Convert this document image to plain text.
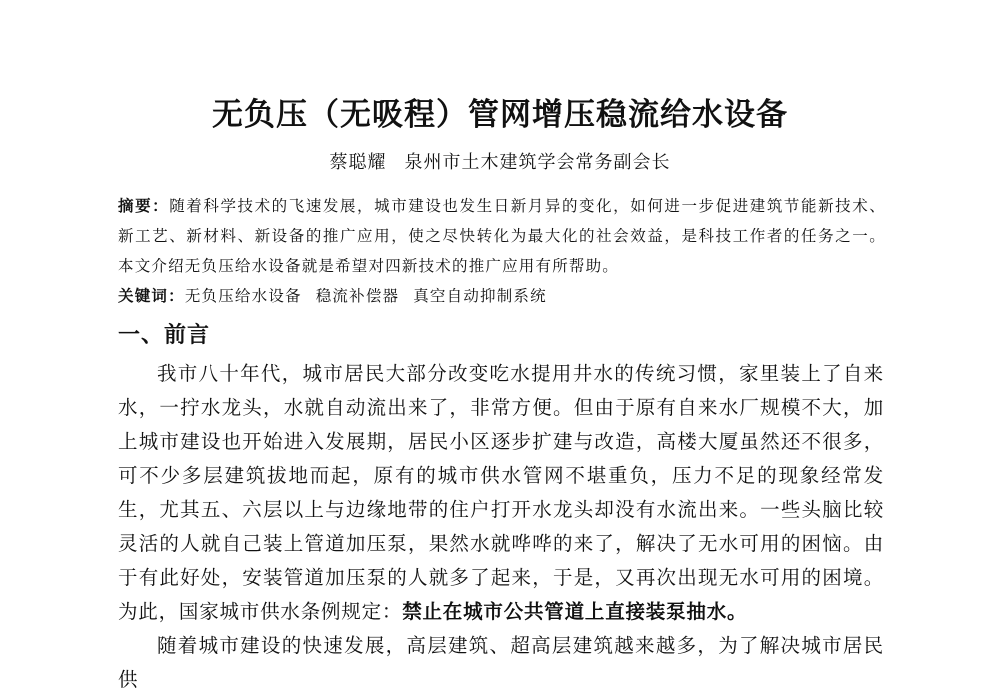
无负压（无吸程）管网增压稳流给水设备
蔡聪耀 泉州市土木建筑学会常务副会长
摘要：随着科学技术的飞速发展，城市建设也发生日新月异的变化，如何进一步促进建筑节能新技术、新工艺、新材料、新设备的推广应用，使之尽快转化为最大化的社会效益，是科技工作者的任务之一。本文介绍无负压给水设备就是希望对四新技术的推广应用有所帮助。
关键词：无负压给水设备 稳流补偿器 真空自动抑制系统
一、前言

我市八十年代，城市居民大部分改变吃水提用井水的传统习惯，家里装上了自来水，一拧水龙头，水就自动流出来了，非常方便。但由于原有自来水厂规模不大，加上城市建设也开始进入发展期，居民小区逐步扩建与改造，高楼大厦虽然还不很多，可不少多层建筑拔地而起，原有的城市供水管网不堪重负，压力不足的现象经常发生，尤其五、六层以上与边缘地带的住户打开水龙头却没有水流出来。一些头脑比较灵活的人就自己装上管道加压泵，果然水就哗哗的来了，解决了无水可用的困恼。由于有此好处，安装管道加压泵的人就多了起来，于是，又再次出现无水可用的困境。为此，国家城市供水条例规定：禁止在城市公共管道上直接装泵抽水。

随着城市建设的快速发展，高层建筑、超高层建筑越来越多，为了解决城市居民供
